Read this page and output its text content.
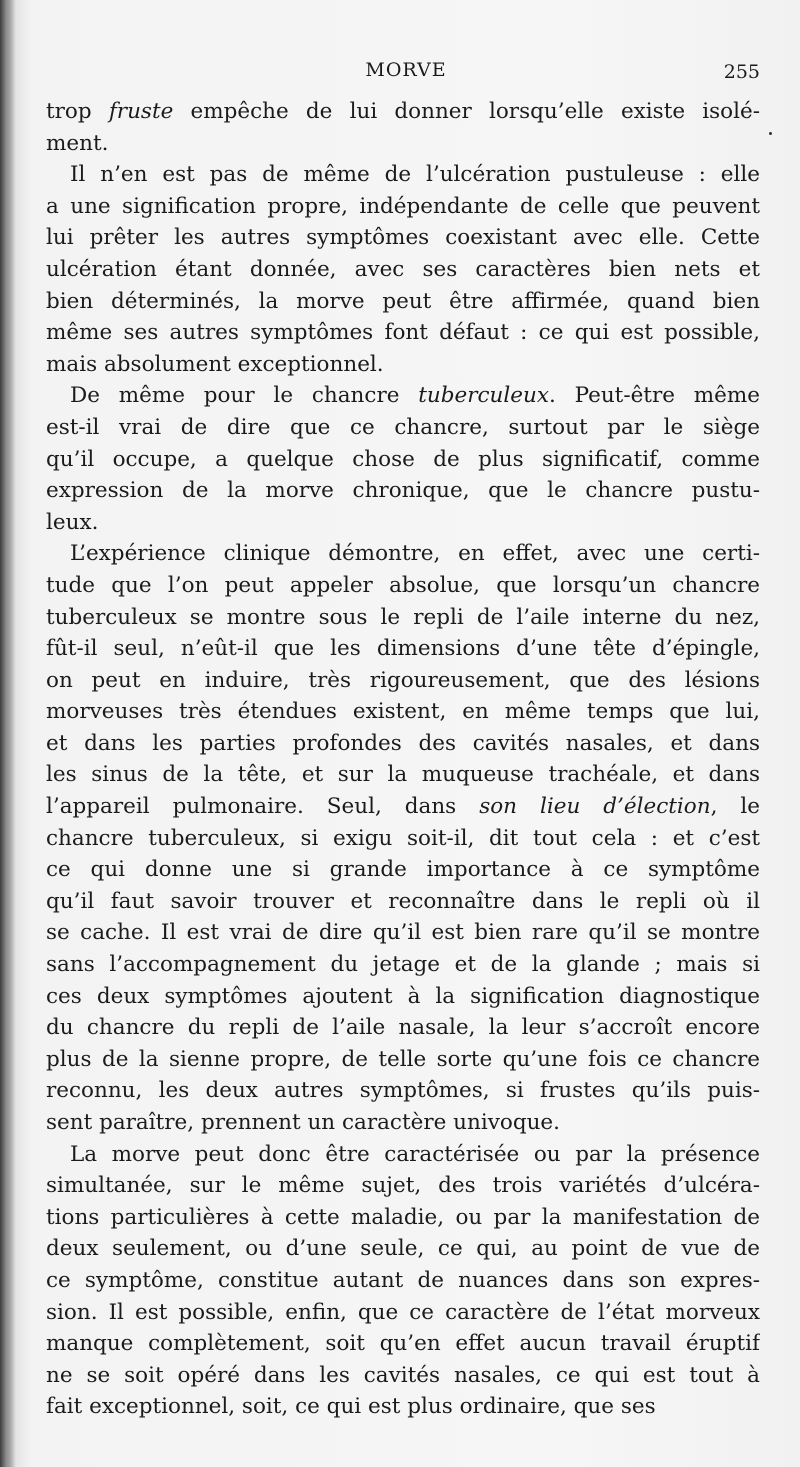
MORVE	255
trop fruste empêche de lui donner lorsqu’elle existe isolé-
ment.
Il n’en est pas de même de l’ulcération pustuleuse : elle
a une signification propre, indépendante de celle que peuvent
lui prêter les autres symptômes coexistant avec elle. Cette
ulcération étant donnée, avec ses caractères bien nets et
bien déterminés, la morve peut être affirmée, quand bien
même ses autres symptômes font défaut : ce qui est possible,
mais absolument exceptionnel.
De même pour le chancre tuberculeux. Peut-être même
est-il vrai de dire que ce chancre, surtout par le siège
qu’il occupe, a quelque chose de plus significatif, comme
expression de la morve chronique, que le chancre pustu-
leux.
L’expérience clinique démontre, en effet, avec une certi-
tude que l’on peut appeler absolue, que lorsqu’un chancre
tuberculeux se montre sous le repli de l’aile interne du nez,
fût-il seul, n’eût-il que les dimensions d’une tête d’épingle,
on peut en induire, très rigoureusement, que des lésions
morveuses très étendues existent, en même temps que lui,
et dans les parties profondes des cavités nasales, et dans
les sinus de la tête, et sur la muqueuse trachéale, et dans
l’appareil pulmonaire. Seul, dans son lieu d’élection, le
chancre tuberculeux, si exigu soit-il, dit tout cela : et c’est
ce qui donne une si grande importance à ce symptôme
qu’il faut savoir trouver et reconnaître dans le repli où il
se cache. Il est vrai de dire qu’il est bien rare qu’il se montre
sans l’accompagnement du jetage et de la glande ; mais si
ces deux symptômes ajoutent à la signification diagnostique
du chancre du repli de l’aile nasale, la leur s’accroît encore
plus de la sienne propre, de telle sorte qu’une fois ce chancre
reconnu, les deux autres symptômes, si frustes qu’ils puis-
sent paraître, prennent un caractère univoque.
La morve peut donc être caractérisée ou par la présence
simultanée, sur le même sujet, des trois variétés d’ulcéra-
tions particulières à cette maladie, ou par la manifestation de
deux seulement, ou d’une seule, ce qui, au point de vue de
ce symptôme, constitue autant de nuances dans son expres-
sion. Il est possible, enfin, que ce caractère de l’état morveux
manque complètement, soit qu’en effet aucun travail éruptif
ne se soit opéré dans les cavités nasales, ce qui est tout à
fait exceptionnel, soit, ce qui est plus ordinaire, que ses
